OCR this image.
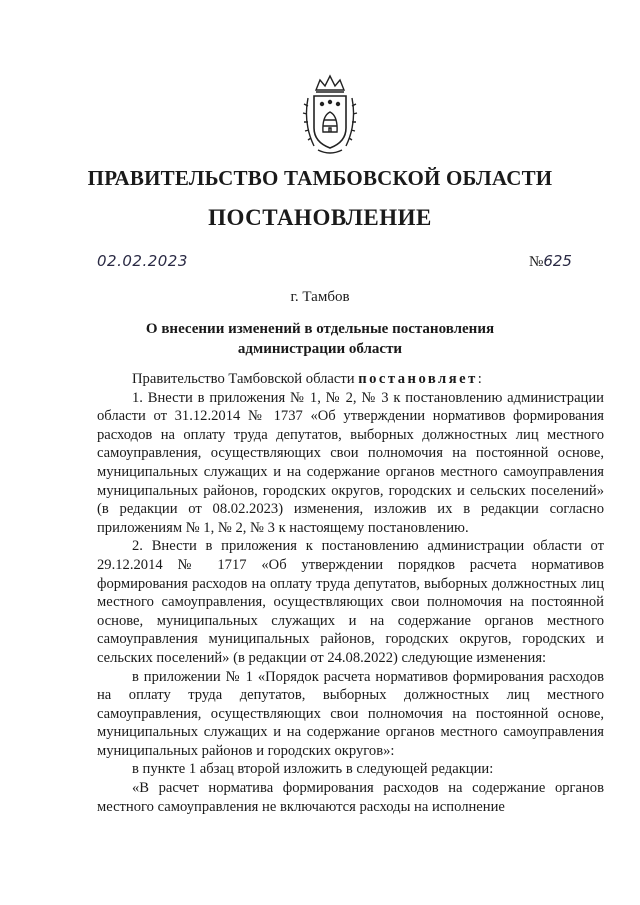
ПРАВИТЕЛЬСТВО ТАМБОВСКОЙ ОБЛАСТИ
ПОСТАНОВЛЕНИЕ
02.02.2023	№625
г. Тамбов
О внесении изменений в отдельные постановления администрации области

Правительство Тамбовской области постановляет:

1. Внести в приложения № 1, № 2, № 3 к постановлению администрации области от 31.12.2014 № 1737 «Об утверждении нормативов формирования расходов на оплату труда депутатов, выборных должностных лиц местного самоуправления, осуществляющих свои полномочия на постоянной основе, муниципальных служащих и на содержание органов местного самоуправления муниципальных районов, городских округов, городских и сельских поселений» (в редакции от 08.02.2023) изменения, изложив их в редакции согласно приложениям № 1, № 2, № 3 к настоящему постановлению.

2. Внести в приложения к постановлению администрации области от 29.12.2014 № 1717 «Об утверждении порядков расчета нормативов формирования расходов на оплату труда депутатов, выборных должностных лиц местного самоуправления, осуществляющих свои полномочия на постоянной основе, муниципальных служащих и на содержание органов местного самоуправления муниципальных районов, городских округов, городских и сельских поселений» (в редакции от 24.08.2022) следующие изменения:

в приложении № 1 «Порядок расчета нормативов формирования расходов на оплату труда депутатов, выборных должностных лиц местного самоуправления, осуществляющих свои полномочия на постоянной основе, муниципальных служащих и на содержание органов местного самоуправления муниципальных районов и городских округов»:

в пункте 1 абзац второй изложить в следующей редакции:

«В расчет норматива формирования расходов на содержание органов местного самоуправления не включаются расходы на исполнение
